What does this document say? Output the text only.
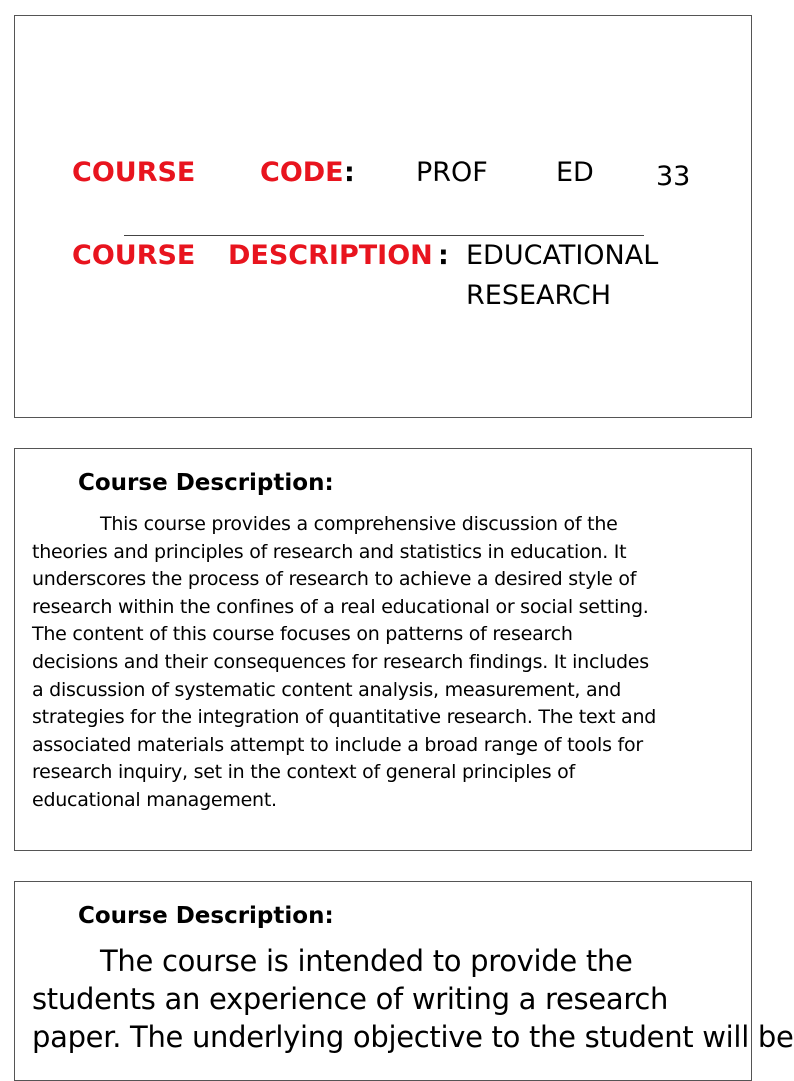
COURSE CODE : PROF	ED 33
COURSE DESCRIPTION : EDUCATIONAL
RESEARCH
Course Description:
This course provides a comprehensive discussion of the
theories and principles of research and statistics in education. It
underscores the process of research to achieve a desired style of
research within the confines of a real educational or social setting.
The content of this course focuses on patterns of research
decisions and their consequences for research findings. It includes
a discussion of systematic content analysis, measurement, and
strategies for the integration of quantitative research. The text and
associated materials attempt to include a broad range of tools for
research inquiry, set in the context of general principles of
educational management.
Course Description:
The course is intended to provide the
students an experience of writing a research
paper. The underlying objective to the student will be
